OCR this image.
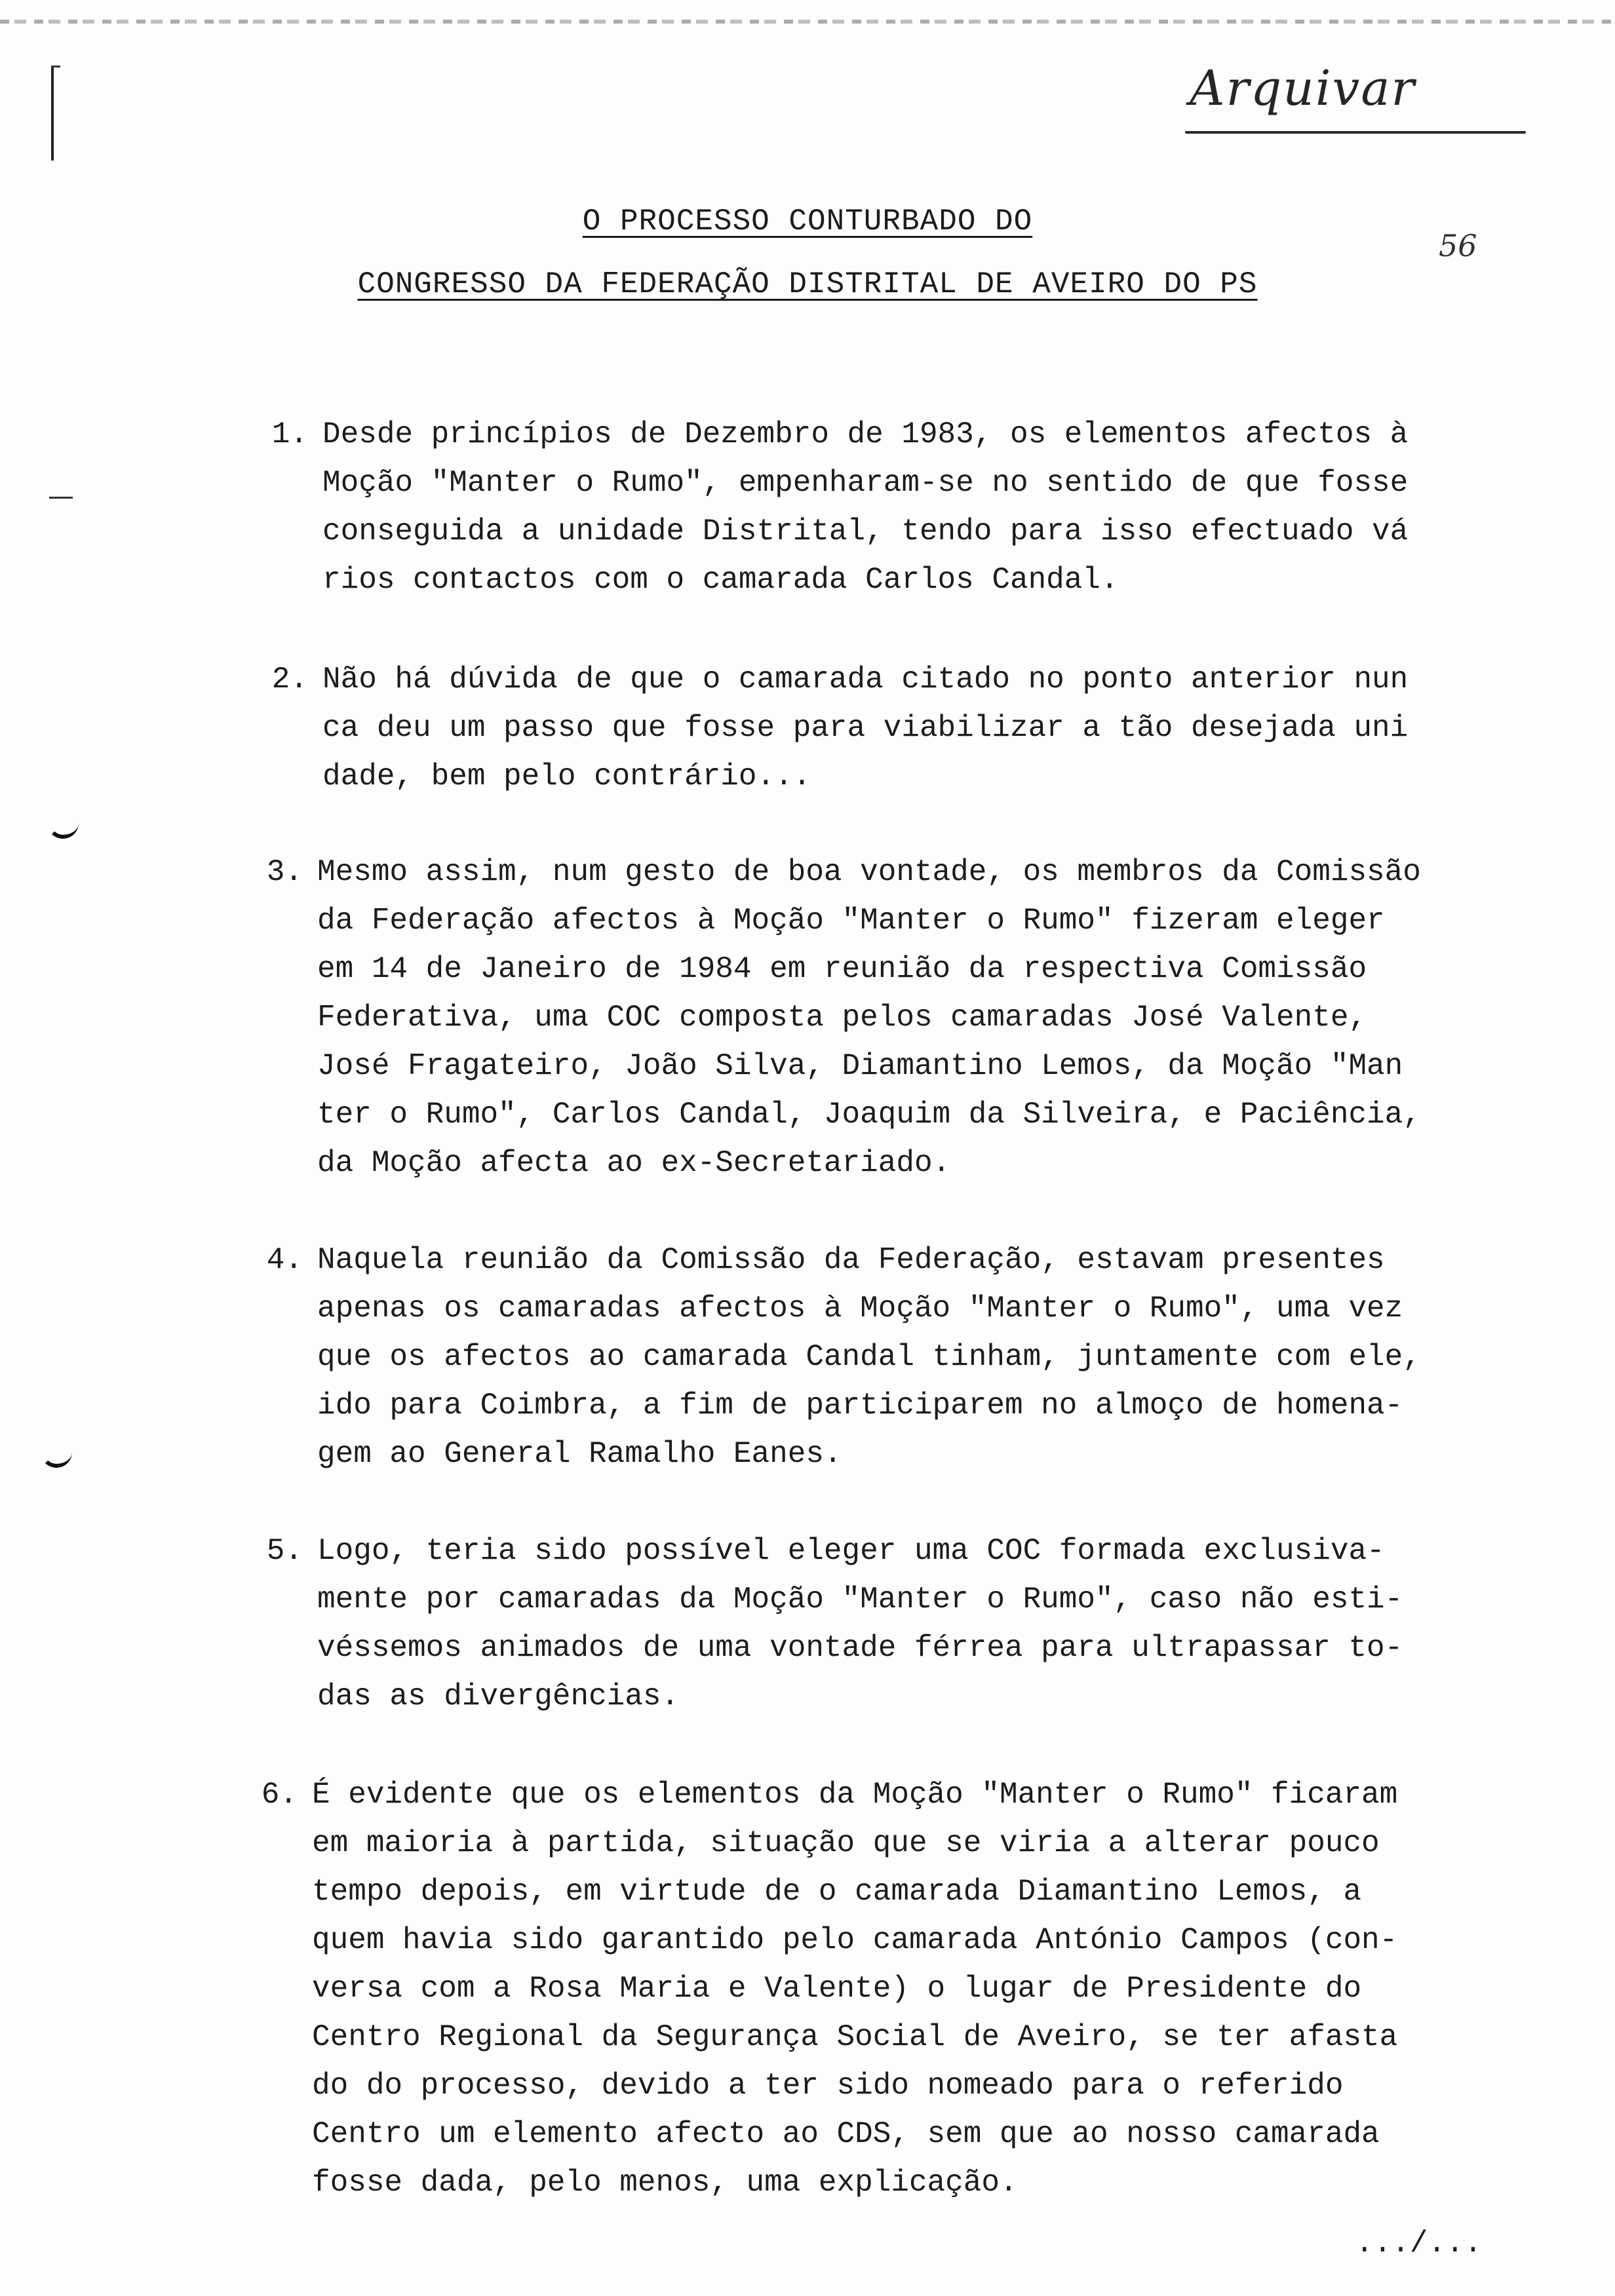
Arquivar
56
O PROCESSO CONTURBADO DO
CONGRESSO DA FEDERAÇÃO DISTRITAL DE AVEIRO DO PS
1. Desde princípios de Dezembro de 1983, os elementos afectos à
Moção "Manter o Rumo", empenharam-se no sentido de que fosse
conseguida a unidade Distrital, tendo para isso efectuado vá
rios contactos com o camarada Carlos Candal.
2. Não há dúvida de que o camarada citado no ponto anterior nun
ca deu um passo que fosse para viabilizar a tão desejada uni
dade, bem pelo contrário...
3. Mesmo assim, num gesto de boa vontade, os membros da Comissão
da Federação afectos à Moção "Manter o Rumo" fizeram eleger
em 14 de Janeiro de 1984 em reunião da respectiva Comissão
Federativa, uma COC composta pelos camaradas José Valente,
José Fragateiro, João Silva, Diamantino Lemos, da Moção "Man
ter o Rumo", Carlos Candal, Joaquim da Silveira, e Paciência,
da Moção afecta ao ex-Secretariado.
4. Naquela reunião da Comissão da Federação, estavam presentes
apenas os camaradas afectos à Moção "Manter o Rumo", uma vez
que os afectos ao camarada Candal tinham, juntamente com ele,
ido para Coimbra, a fim de participarem no almoço de homena-
gem ao General Ramalho Eanes.
5. Logo, teria sido possível eleger uma COC formada exclusiva-
mente por camaradas da Moção "Manter o Rumo", caso não esti-
véssemos animados de uma vontade férrea para ultrapassar to-
das as divergências.
6. É evidente que os elementos da Moção "Manter o Rumo" ficaram
em maioria à partida, situação que se viria a alterar pouco
tempo depois, em virtude de o camarada Diamantino Lemos, a
quem havia sido garantido pelo camarada António Campos (con-
versa com a Rosa Maria e Valente) o lugar de Presidente do
Centro Regional da Segurança Social de Aveiro, se ter afasta
do do processo, devido a ter sido nomeado para o referido
Centro um elemento afecto ao CDS, sem que ao nosso camarada
fosse dada, pelo menos, uma explicação.
.../...
